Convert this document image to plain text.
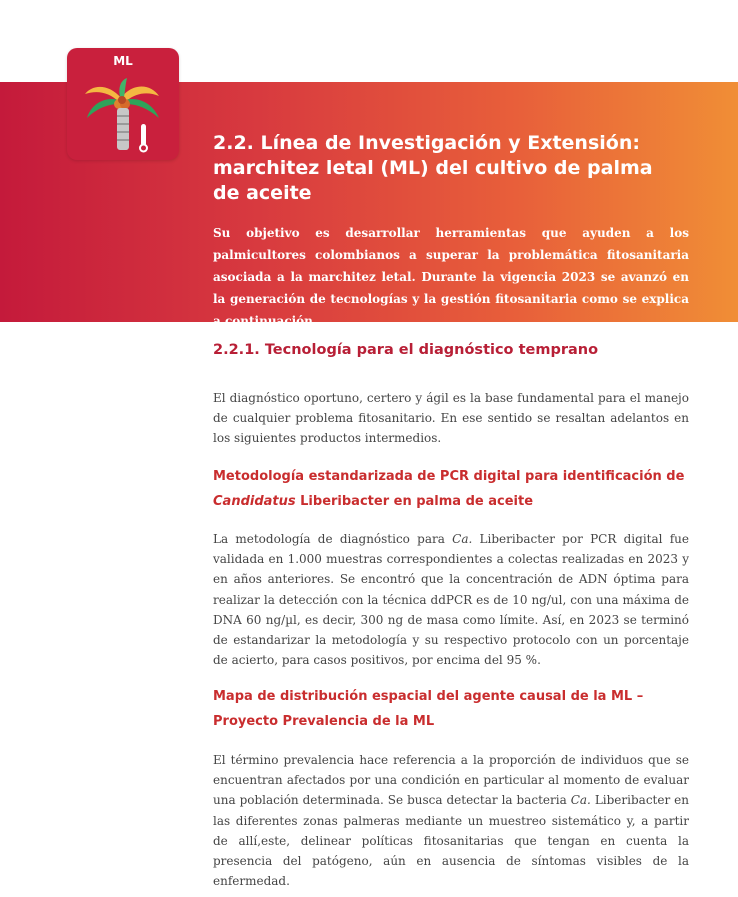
ML
2.2. Línea de Investigación y Extensión: marchitez letal (ML) del cultivo de palma de aceite

Su objetivo es desarrollar herramientas que ayuden a los palmicultores colombianos a superar la problemática fitosanitaria asociada a la marchitez letal. Durante la vigencia 2023 se avanzó en la generación de tecnologías y la gestión fitosanitaria como se explica a continuación.

2.2.1. Tecnología para el diagnóstico temprano

El diagnóstico oportuno, certero y ágil es la base fundamental para el manejo de cualquier problema fitosanitario. En ese sentido se resaltan adelantos en los siguientes productos intermedios.

Metodología estandarizada de PCR digital para identificación de Candidatus Liberibacter en palma de aceite

La metodología de diagnóstico para Ca. Liberibacter por PCR digital fue validada en 1.000 muestras correspondientes a colectas realizadas en 2023 y en años anteriores. Se encontró que la concentración de ADN óptima para realizar la detección con la técnica ddPCR es de 10 ng/ul, con una máxima de DNA 60 ng/µl, es decir, 300 ng de masa como límite. Así, en 2023 se terminó de estandarizar la metodología y su respectivo protocolo con un porcentaje de acierto, para casos positivos, por encima del 95 %.

Mapa de distribución espacial del agente causal de la ML – Proyecto Prevalencia de la ML

El término prevalencia hace referencia a la proporción de individuos que se encuentran afectados por una condición en particular al momento de evaluar una población determinada. Se busca detectar la bacteria Ca. Liberibacter en las diferentes zonas palmeras mediante un muestreo sistemático y, a partir de allí,este, delinear políticas fitosanitarias que tengan en cuenta la presencia del patógeno, aún en ausencia de síntomas visibles de la enfermedad.
